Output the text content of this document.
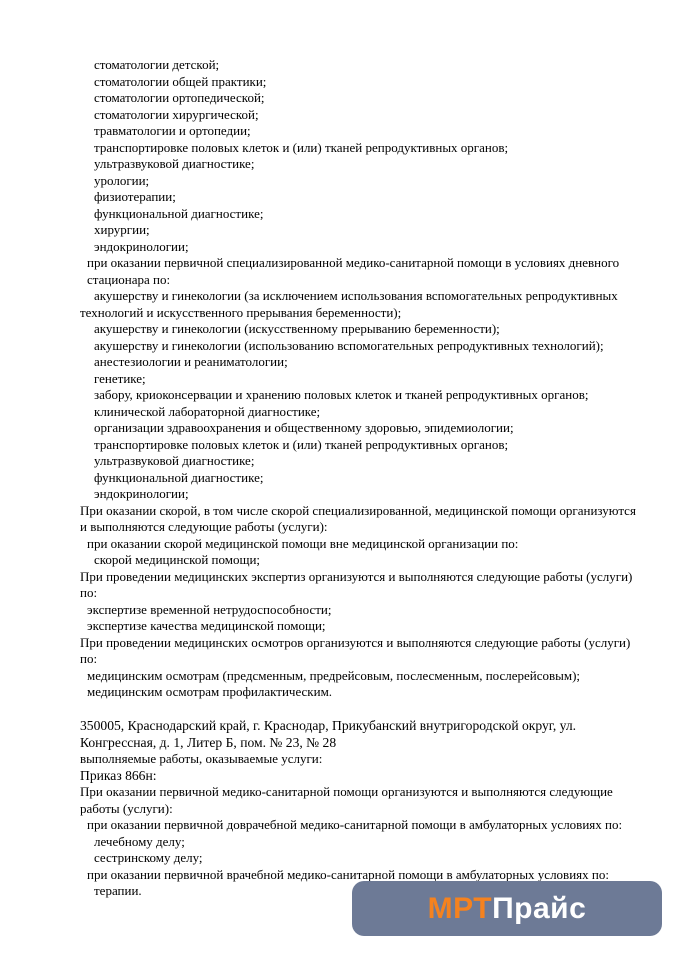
стоматологии детской;
стоматологии общей практики;
стоматологии ортопедической;
стоматологии хирургической;
травматологии и ортопедии;
транспортировке половых клеток и (или) тканей репродуктивных органов;
ультразвуковой диагностике;
урологии;
физиотерапии;
функциональной диагностике;
хирургии;
эндокринологии;
при оказании первичной специализированной медико-санитарной помощи в условиях дневного стационара по:
акушерству и гинекологии (за исключением использования вспомогательных репродуктивных технологий и искусственного прерывания беременности);
акушерству и гинекологии (искусственному прерыванию беременности);
акушерству и гинекологии (использованию вспомогательных репродуктивных технологий);
анестезиологии и реаниматологии;
генетике;
забору, криоконсервации и хранению половых клеток и тканей репродуктивных органов;
клинической лабораторной диагностике;
организации здравоохранения и общественному здоровью, эпидемиологии;
транспортировке половых клеток и (или) тканей репродуктивных органов;
ультразвуковой диагностике;
функциональной диагностике;
эндокринологии;
При оказании скорой, в том числе скорой специализированной, медицинской помощи организуются и выполняются следующие работы (услуги):
при оказании скорой медицинской помощи вне медицинской организации по:
скорой медицинской помощи;
При проведении медицинских экспертиз организуются и выполняются следующие работы (услуги) по:
экспертизе временной нетрудоспособности;
экспертизе качества медицинской помощи;
При проведении медицинских осмотров организуются и выполняются следующие работы (услуги) по:
медицинским осмотрам (предсменным, предрейсовым, послесменным, послерейсовым);
медицинским осмотрам профилактическим.
350005, Краснодарский край, г. Краснодар, Прикубанский внутригородской округ, ул. Конгрессная, д. 1, Литер Б, пом. № 23, № 28
выполняемые работы, оказываемые услуги:
Приказ 866н:
При оказании первичной медико-санитарной помощи организуются и выполняются следующие работы (услуги):
при оказании первичной доврачебной медико-санитарной помощи в амбулаторных условиях по:
лечебному делу;
сестринскому делу;
при оказании первичной врачебной медико-санитарной помощи в амбулаторных условиях по:
терапии.
МРТ Прайс
